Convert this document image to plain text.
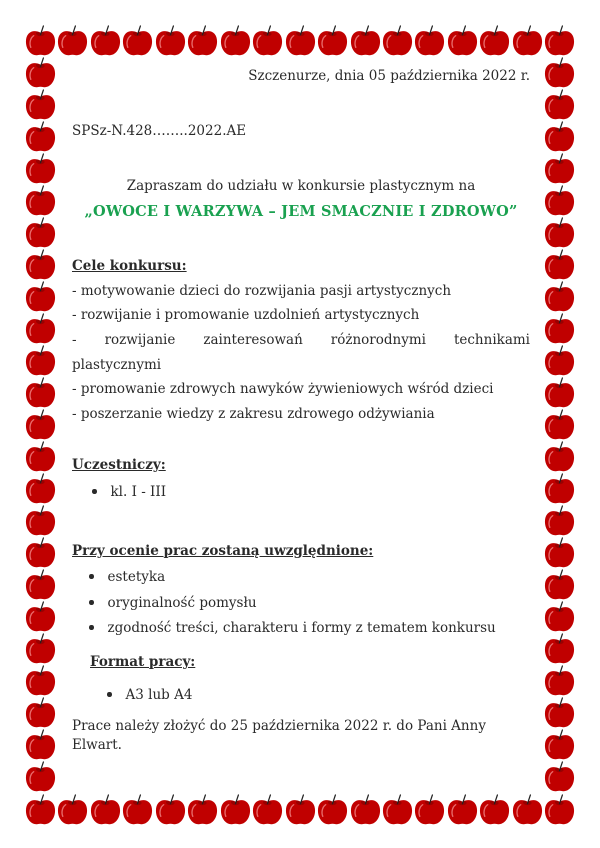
Szczenurze, dnia 05 października 2022 r.
SPSz-N.428……..2022.AE
Zapraszam do udziału w konkursie plastycznym na
„OWOCE I WARZYWA – JEM SMACZNIE I ZDROWO”
Cele konkursu:
- motywowanie dzieci do rozwijania pasji artystycznych
- rozwijanie i promowanie uzdolnień artystycznych
- rozwijanie zainteresowań różnorodnymi technikami
plastycznymi
- promowanie zdrowych nawyków żywieniowych wśród dzieci
- poszerzanie wiedzy z zakresu zdrowego odżywiania
Uczestniczy:
kl. I - III
Przy ocenie prac zostaną uwzględnione:
estetyka
oryginalność pomysłu
zgodność treści, charakteru i formy z tematem konkursu
Format pracy:
A3 lub A4
Prace należy złożyć do 25 października 2022 r. do Pani Anny
Elwart.
